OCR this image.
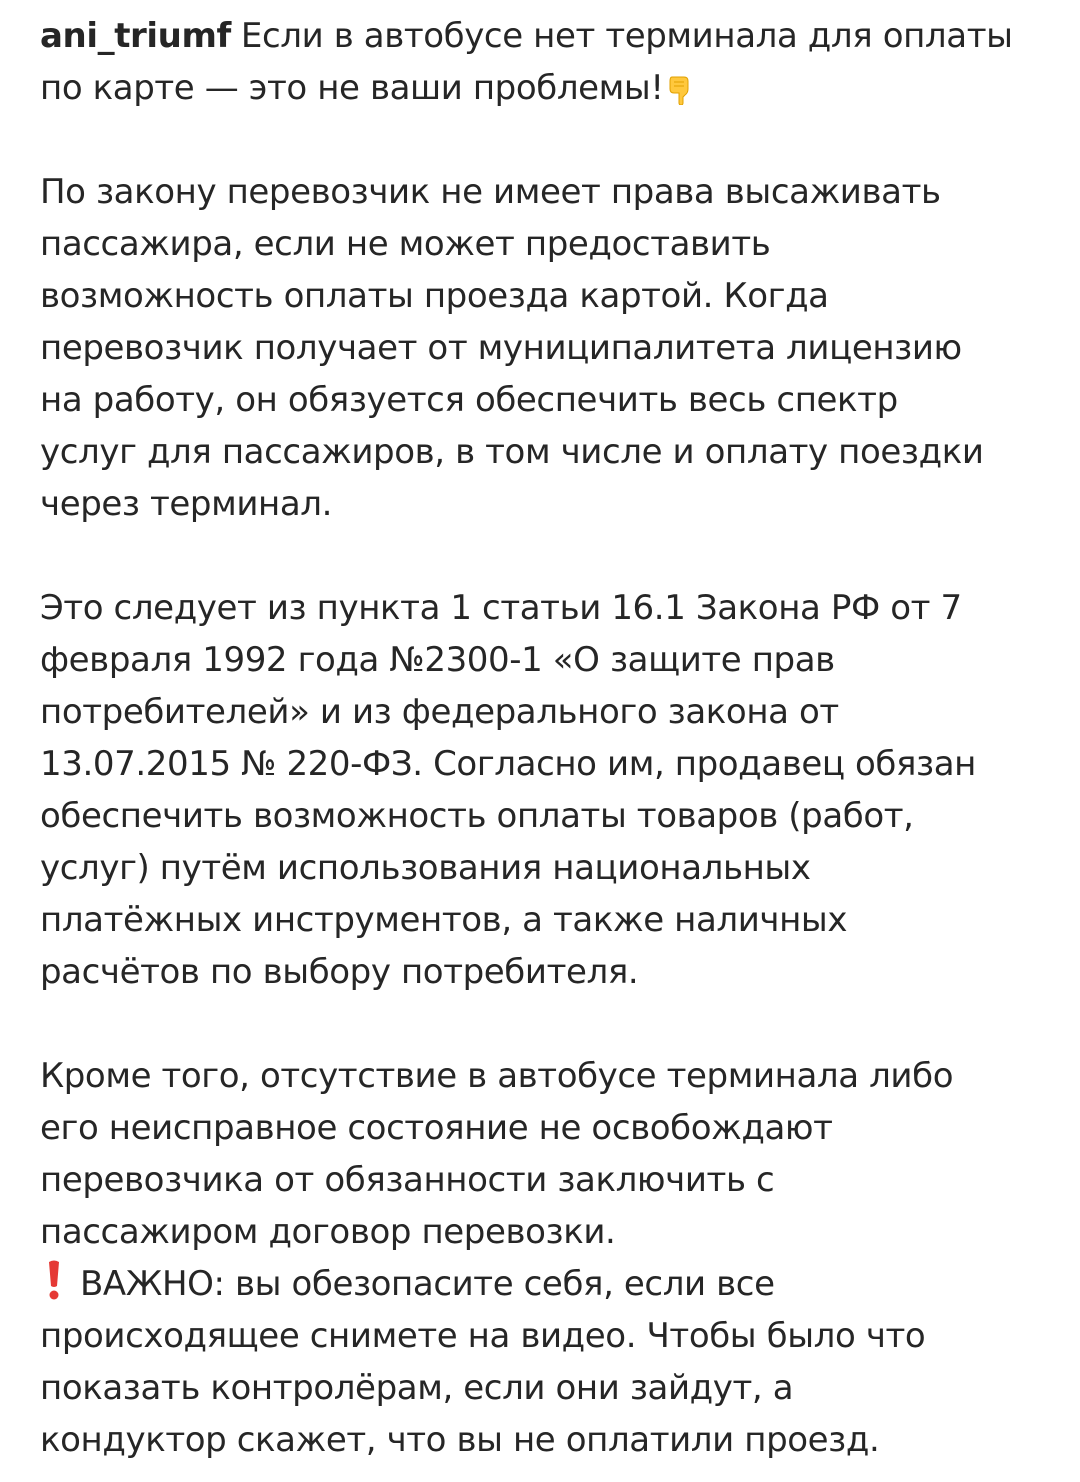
ani_triumf Если в автобусе нет терминала для оплаты
по карте — это не ваши проблемы!
По закону перевозчик не имеет права высаживать
пассажира, если не может предоставить
возможность оплаты проезда картой. Когда
перевозчик получает от муниципалитета лицензию
на работу, он обязуется обеспечить весь спектр
услуг для пассажиров, в том числе и оплату поездки
через терминал.
Это следует из пункта 1 статьи 16.1 Закона РФ от 7
февраля 1992 года №2300-1 «О защите прав
потребителей» и из федерального закона от
13.07.2015 № 220-ФЗ. Согласно им, продавец обязан
обеспечить возможность оплаты товаров (работ,
услуг) путём использования национальных
платёжных инструментов, а также наличных
расчётов по выбору потребителя.
Кроме того, отсутствие в автобусе терминала либо
его неисправное состояние не освобождают
перевозчика от обязанности заключить с
пассажиром договор перевозки.
ВАЖНО: вы обезопасите себя, если все
происходящее снимете на видео. Чтобы было что
показать контролёрам, если они зайдут, а
кондуктор скажет, что вы не оплатили проезд.
